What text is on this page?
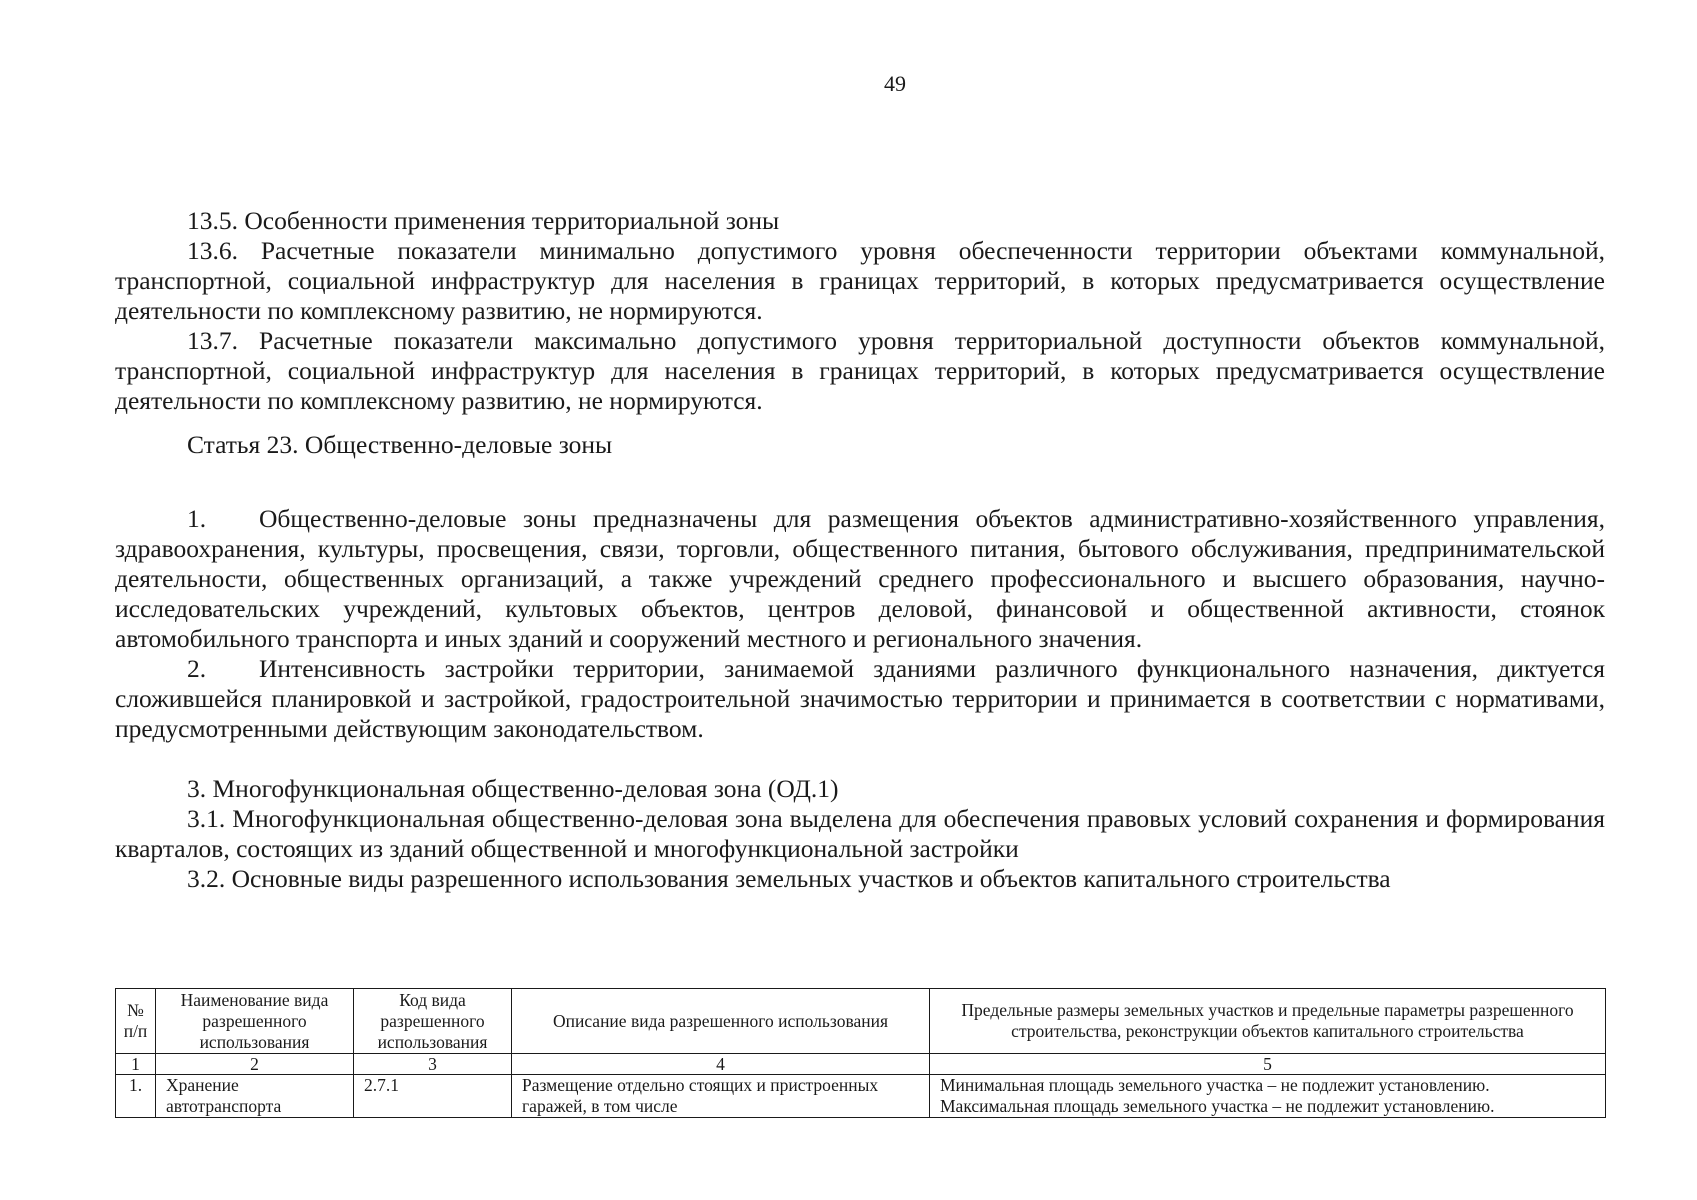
49

13.5. Особенности применения территориальной зоны

13.6. Расчетные показатели минимально допустимого уровня обеспеченности территории объектами коммунальной, транспортной, социальной инфраструктур для населения в границах территорий, в которых предусматривается осуществление деятельности по комплексному развитию, не нормируются.

13.7. Расчетные показатели максимально допустимого уровня территориальной доступности объектов коммунальной, транспортной, социальной инфраструктур для населения в границах территорий, в которых предусматривается осуществление деятельности по комплексному развитию, не нормируются.

Статья 23. Общественно-деловые зоны

1. Общественно-деловые зоны предназначены для размещения объектов административно-хозяйственного управления, здравоохранения, культуры, просвещения, связи, торговли, общественного питания, бытового обслуживания, предпринимательской деятельности, общественных организаций, а также учреждений среднего профессионального и высшего образования, научно-исследовательских учреждений, культовых объектов, центров деловой, финансовой и общественной активности, стоянок автомобильного транспорта и иных зданий и сооружений местного и регионального значения.

2. Интенсивность застройки территории, занимаемой зданиями различного функционального назначения, диктуется сложившейся планировкой и застройкой, градостроительной значимостью территории и принимается в соответствии с нормативами, предусмотренными действующим законодательством.

3. Многофункциональная общественно-деловая зона (ОД.1)

3.1. Многофункциональная общественно-деловая зона выделена для обеспечения правовых условий сохранения и формирования кварталов, состоящих из зданий общественной и многофункциональной застройки

3.2. Основные виды разрешенного использования земельных участков и объектов капитального строительства

№ п/п	Наименование вида разрешенного использования	Код вида разрешенного использования	Описание вида разрешенного использования	Предельные размеры земельных участков и предельные параметры разрешенного строительства, реконструкции объектов капитального строительства
1	2	3	4	5
1.	Хранение автотранспорта	2.7.1	Размещение отдельно стоящих и пристроенных гаражей, в том числе	Минимальная площадь земельного участка – не подлежит установлению.
Максимальная площадь земельного участка – не подлежит установлению.
